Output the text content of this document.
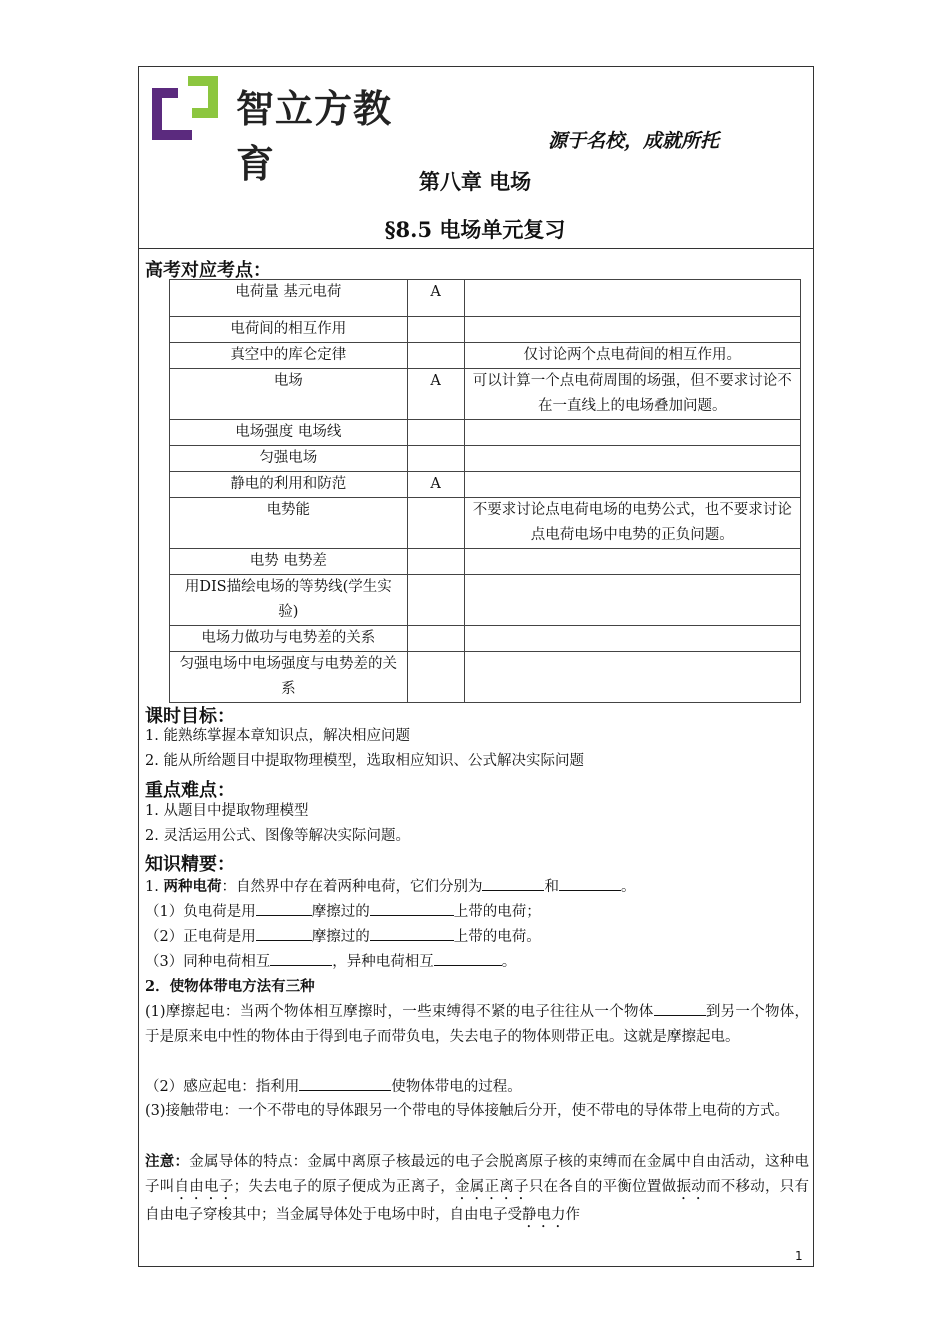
智立方教育
源于名校，成就所托
第八章 电场
§8.5 电场单元复习
高考对应考点：
电荷量 基元电荷	A	
电荷间的相互作用		
真空中的库仑定律		仅讨论两个点电荷间的相互作用。
电场	A	可以计算一个点电荷周围的场强，但不要求讨论不在一直线上的电场叠加问题。
电场强度 电场线		
匀强电场		
静电的利用和防范	A	
电势能		不要求讨论点电荷电场的电势公式，也不要求讨论点电荷电场中电势的正负问题。
电势 电势差		
用DIS描绘电场的等势线(学生实验)		
电场力做功与电势差的关系		
匀强电场中电场强度与电势差的关系		
课时目标：
1. 能熟练掌握本章知识点，解决相应问题
2. 能从所给题目中提取物理模型，选取相应知识、公式解决实际问题
重点难点：
1. 从题目中提取物理模型
2. 灵活运用公式、图像等解决实际问题。
知识精要：
1. 两种电荷：自然界中存在着两种电荷，它们分别为	和	。
（1）负电荷是用	摩擦过的	上带的电荷；
（2）正电荷是用	摩擦过的	上带的电荷。
（3）同种电荷相互	，异种电荷相互	。
2．使物体带电方法有三种
(1)摩擦起电：当两个物体相互摩擦时，一些束缚得不紧的电子往往从一个物体	到另一个物体，于是原来电中性的物体由于得到电子而带负电，失去电子的物体则带正电。这就是摩擦起电。
（2）感应起电：指利用	使物体带电的过程。
(3)接触带电：一个不带电的导体跟另一个带电的导体接触后分开，使不带电的导体带上电荷的方式。
注意：金属导体的特点：金属中离原子核最远的电子会脱离原子核的束缚而在金属中自由活动，这种电子叫自由电子；失去电子的原子便成为正离子，金属正离子只在各自的平衡位置做振动而不移动，只有自由电子穿梭其中；当金属导体处于电场中时，自由电子受静电力作
1
